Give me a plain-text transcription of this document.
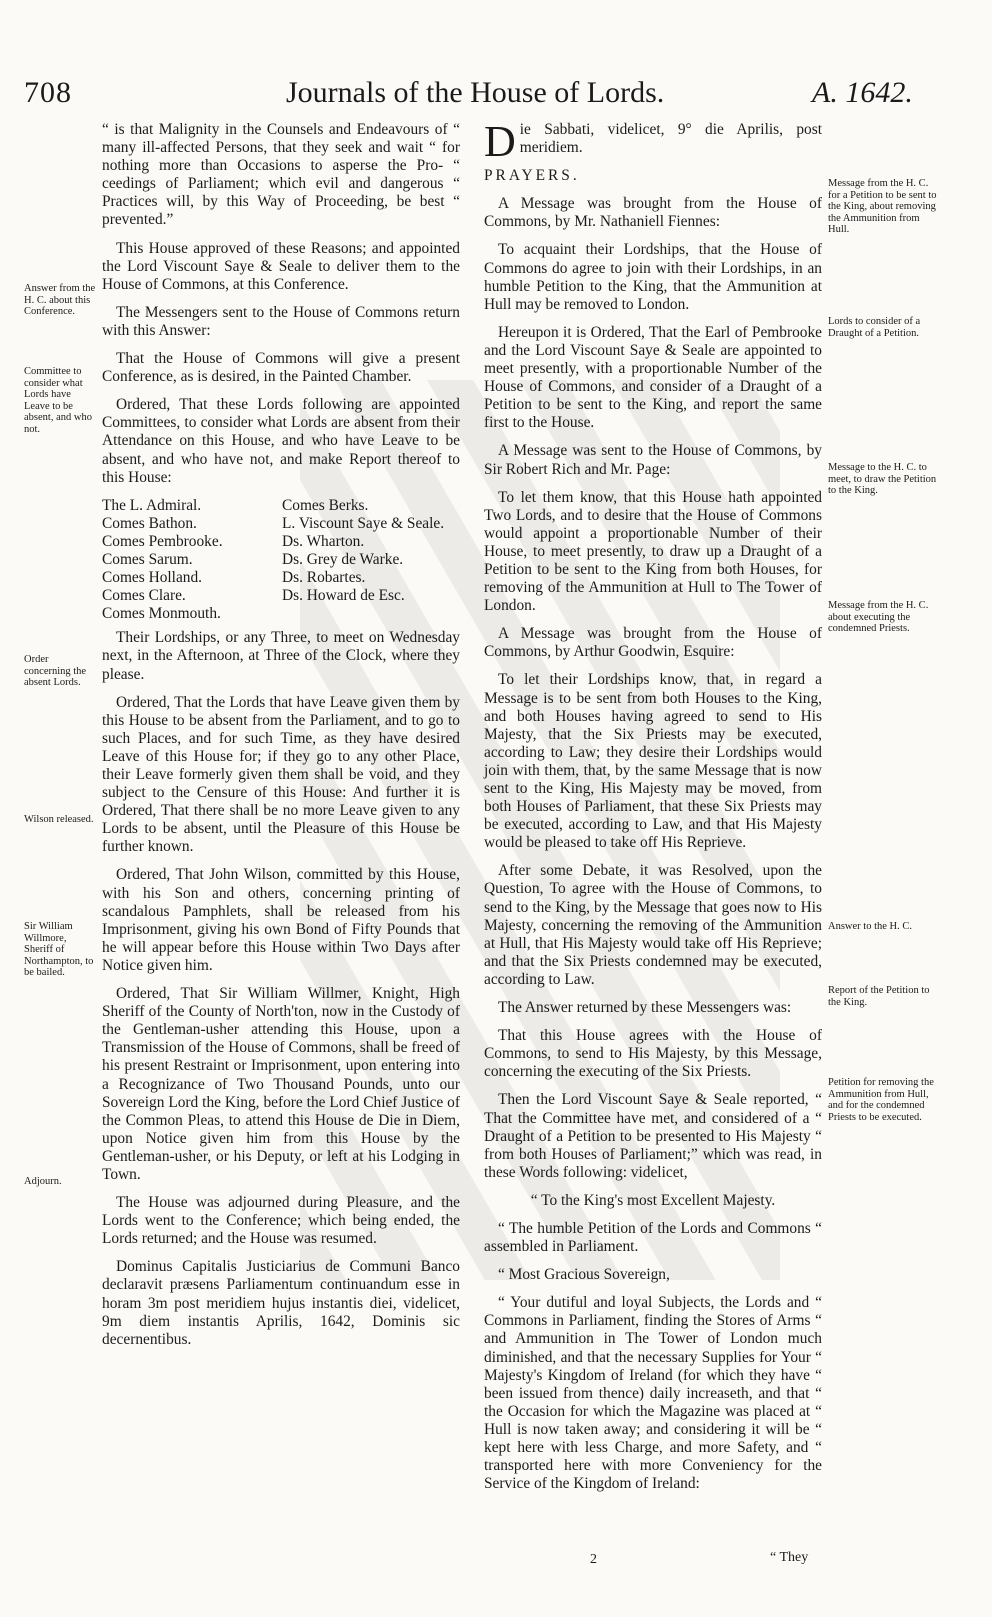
708	Journals of the House of Lords.	A. 1642.
Answer from the H. C. about this Conference.
Committee to consider what Lords have Leave to be absent, and who not.
Order concerning the absent Lords.
Wilson released.
Sir William Willmore, Sheriff of Northampton, to be bailed.
Adjourn.

“ is that Malignity in the Counsels and Endeavours of “ many ill-affected Persons, that they seek and wait “ for nothing more than Occasions to asperse the Pro- “ ceedings of Parliament; which evil and dangerous “ Practices will, by this Way of Proceeding, be best “ prevented.”

This House approved of these Reasons; and appointed the Lord Viscount Saye & Seale to deliver them to the House of Commons, at this Conference.

The Messengers sent to the House of Commons return with this Answer:

That the House of Commons will give a present Conference, as is desired, in the Painted Chamber.

Ordered, That these Lords following are appointed Committees, to consider what Lords are absent from their Attendance on this House, and who have Leave to be absent, and who have not, and make Report thereof to this House:

The L. Admiral.	Comes Berks.
Comes Bathon.	L. Viscount Saye & Seale.
Comes Pembrooke.	Ds. Wharton.
Comes Sarum.	Ds. Grey de Warke.
Comes Holland.	Ds. Robartes.
Comes Clare.	Ds. Howard de Esc.
Comes Monmouth.	

Their Lordships, or any Three, to meet on Wednesday next, in the Afternoon, at Three of the Clock, where they please.

Ordered, That the Lords that have Leave given them by this House to be absent from the Parliament, and to go to such Places, and for such Time, as they have desired Leave of this House for; if they go to any other Place, their Leave formerly given them shall be void, and they subject to the Censure of this House: And further it is Ordered, That there shall be no more Leave given to any Lords to be absent, until the Pleasure of this House be further known.

Ordered, That John Wilson, committed by this House, with his Son and others, concerning printing of scandalous Pamphlets, shall be released from his Imprisonment, giving his own Bond of Fifty Pounds that he will appear before this House within Two Days after Notice given him.

Ordered, That Sir William Willmer, Knight, High Sheriff of the County of North'ton, now in the Custody of the Gentleman-usher attending this House, upon a Transmission of the House of Commons, shall be freed of his present Restraint or Imprisonment, upon entering into a Recognizance of Two Thousand Pounds, unto our Sovereign Lord the King, before the Lord Chief Justice of the Common Pleas, to attend this House de Die in Diem, upon Notice given him from this House by the Gentleman-usher, or his Deputy, or left at his Lodging in Town.

The House was adjourned during Pleasure, and the Lords went to the Conference; which being ended, the Lords returned; and the House was resumed.

Dominus Capitalis Justiciarius de Communi Banco declaravit præsens Parliamentum continuandum esse in horam 3m post meridiem hujus instantis diei, videlicet, 9m diem instantis Aprilis, 1642, Dominis sic decernentibus.

Die Sabbati, videlicet, 9° die Aprilis, post meridiem.

PRAYERS.

A Message was brought from the House of Commons, by Mr. Nathaniell Fiennes:

To acquaint their Lordships, that the House of Commons do agree to join with their Lordships, in an humble Petition to the King, that the Ammunition at Hull may be removed to London.

Hereupon it is Ordered, That the Earl of Pembrooke and the Lord Viscount Saye & Seale are appointed to meet presently, with a proportionable Number of the House of Commons, and consider of a Draught of a Petition to be sent to the King, and report the same first to the House.

A Message was sent to the House of Commons, by Sir Robert Rich and Mr. Page:

To let them know, that this House hath appointed Two Lords, and to desire that the House of Commons would appoint a proportionable Number of their House, to meet presently, to draw up a Draught of a Petition to be sent to the King from both Houses, for removing of the Ammunition at Hull to The Tower of London.

A Message was brought from the House of Commons, by Arthur Goodwin, Esquire:

To let their Lordships know, that, in regard a Message is to be sent from both Houses to the King, and both Houses having agreed to send to His Majesty, that the Six Priests may be executed, according to Law; they desire their Lordships would join with them, that, by the same Message that is now sent to the King, His Majesty may be moved, from both Houses of Parliament, that these Six Priests may be executed, according to Law, and that His Majesty would be pleased to take off His Reprieve.

After some Debate, it was Resolved, upon the Question, To agree with the House of Commons, to send to the King, by the Message that goes now to His Majesty, concerning the removing of the Ammunition at Hull, that His Majesty would take off His Reprieve; and that the Six Priests condemned may be executed, according to Law.

The Answer returned by these Messengers was:

That this House agrees with the House of Commons, to send to His Majesty, by this Message, concerning the executing of the Six Priests.

Then the Lord Viscount Saye & Seale reported, “ That the Committee have met, and considered of a “ Draught of a Petition to be presented to His Majesty “ from both Houses of Parliament;” which was read, in these Words following: videlicet,

“ To the King's most Excellent Majesty.

“ The humble Petition of the Lords and Commons “ assembled in Parliament.

“ Most Gracious Sovereign,

“ Your dutiful and loyal Subjects, the Lords and “ Commons in Parliament, finding the Stores of Arms “ and Ammunition in The Tower of London much diminished, and that the necessary Supplies for Your “ Majesty's Kingdom of Ireland (for which they have “ been issued from thence) daily increaseth, and that “ the Occasion for which the Magazine was placed at “ Hull is now taken away; and considering it will be “ kept here with less Charge, and more Safety, and “ transported here with more Conveniency for the Service of the Kingdom of Ireland:

Message from the H. C. for a Petition to be sent to the King, about removing the Ammunition from Hull.
Lords to consider of a Draught of a Petition.
Message to the H. C. to meet, to draw the Petition to the King.
Message from the H. C. about executing the condemned Priests.
Answer to the H. C.
Report of the Petition to the King.
Petition for removing the Ammunition from Hull, and for the condemned Priests to be executed.
2	“ They
